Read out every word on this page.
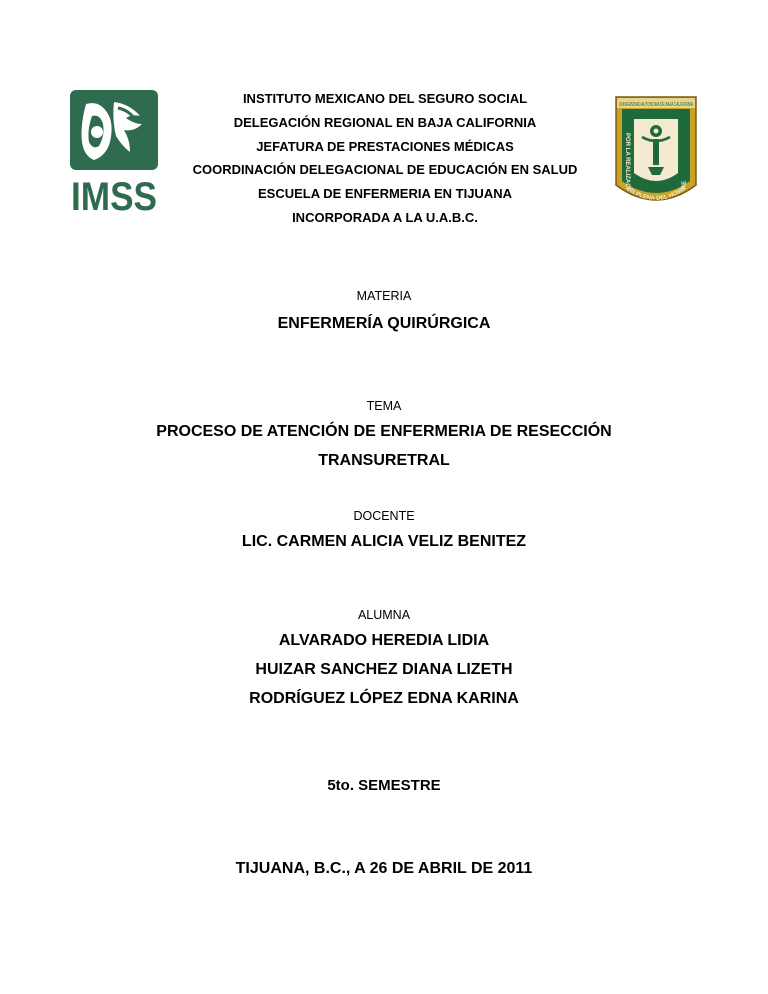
IMSS
UNIVERSIDAD AUTONOMA DE BAJA CALIFORNIA
POR LA REALIZACION PLENA DEL HOMBRE
INSTITUTO MEXICANO DEL SEGURO SOCIAL
DELEGACIÓN REGIONAL EN BAJA CALIFORNIA
JEFATURA DE PRESTACIONES MÉDICAS
COORDINACIÓN DELEGACIONAL DE EDUCACIÓN EN SALUD
ESCUELA DE ENFERMERIA EN TIJUANA
INCORPORADA A LA U.A.B.C.
MATERIA
ENFERMERÍA QUIRÚRGICA
TEMA
PROCESO DE ATENCIÓN DE ENFERMERIA DE RESECCIÓN
TRANSURETRAL
DOCENTE
LIC. CARMEN ALICIA VELIZ BENITEZ
ALUMNA
ALVARADO HEREDIA LIDIA
HUIZAR SANCHEZ DIANA LIZETH
RODRÍGUEZ LÓPEZ EDNA KARINA
5to. SEMESTRE
TIJUANA, B.C., A 26 DE ABRIL DE 2011
